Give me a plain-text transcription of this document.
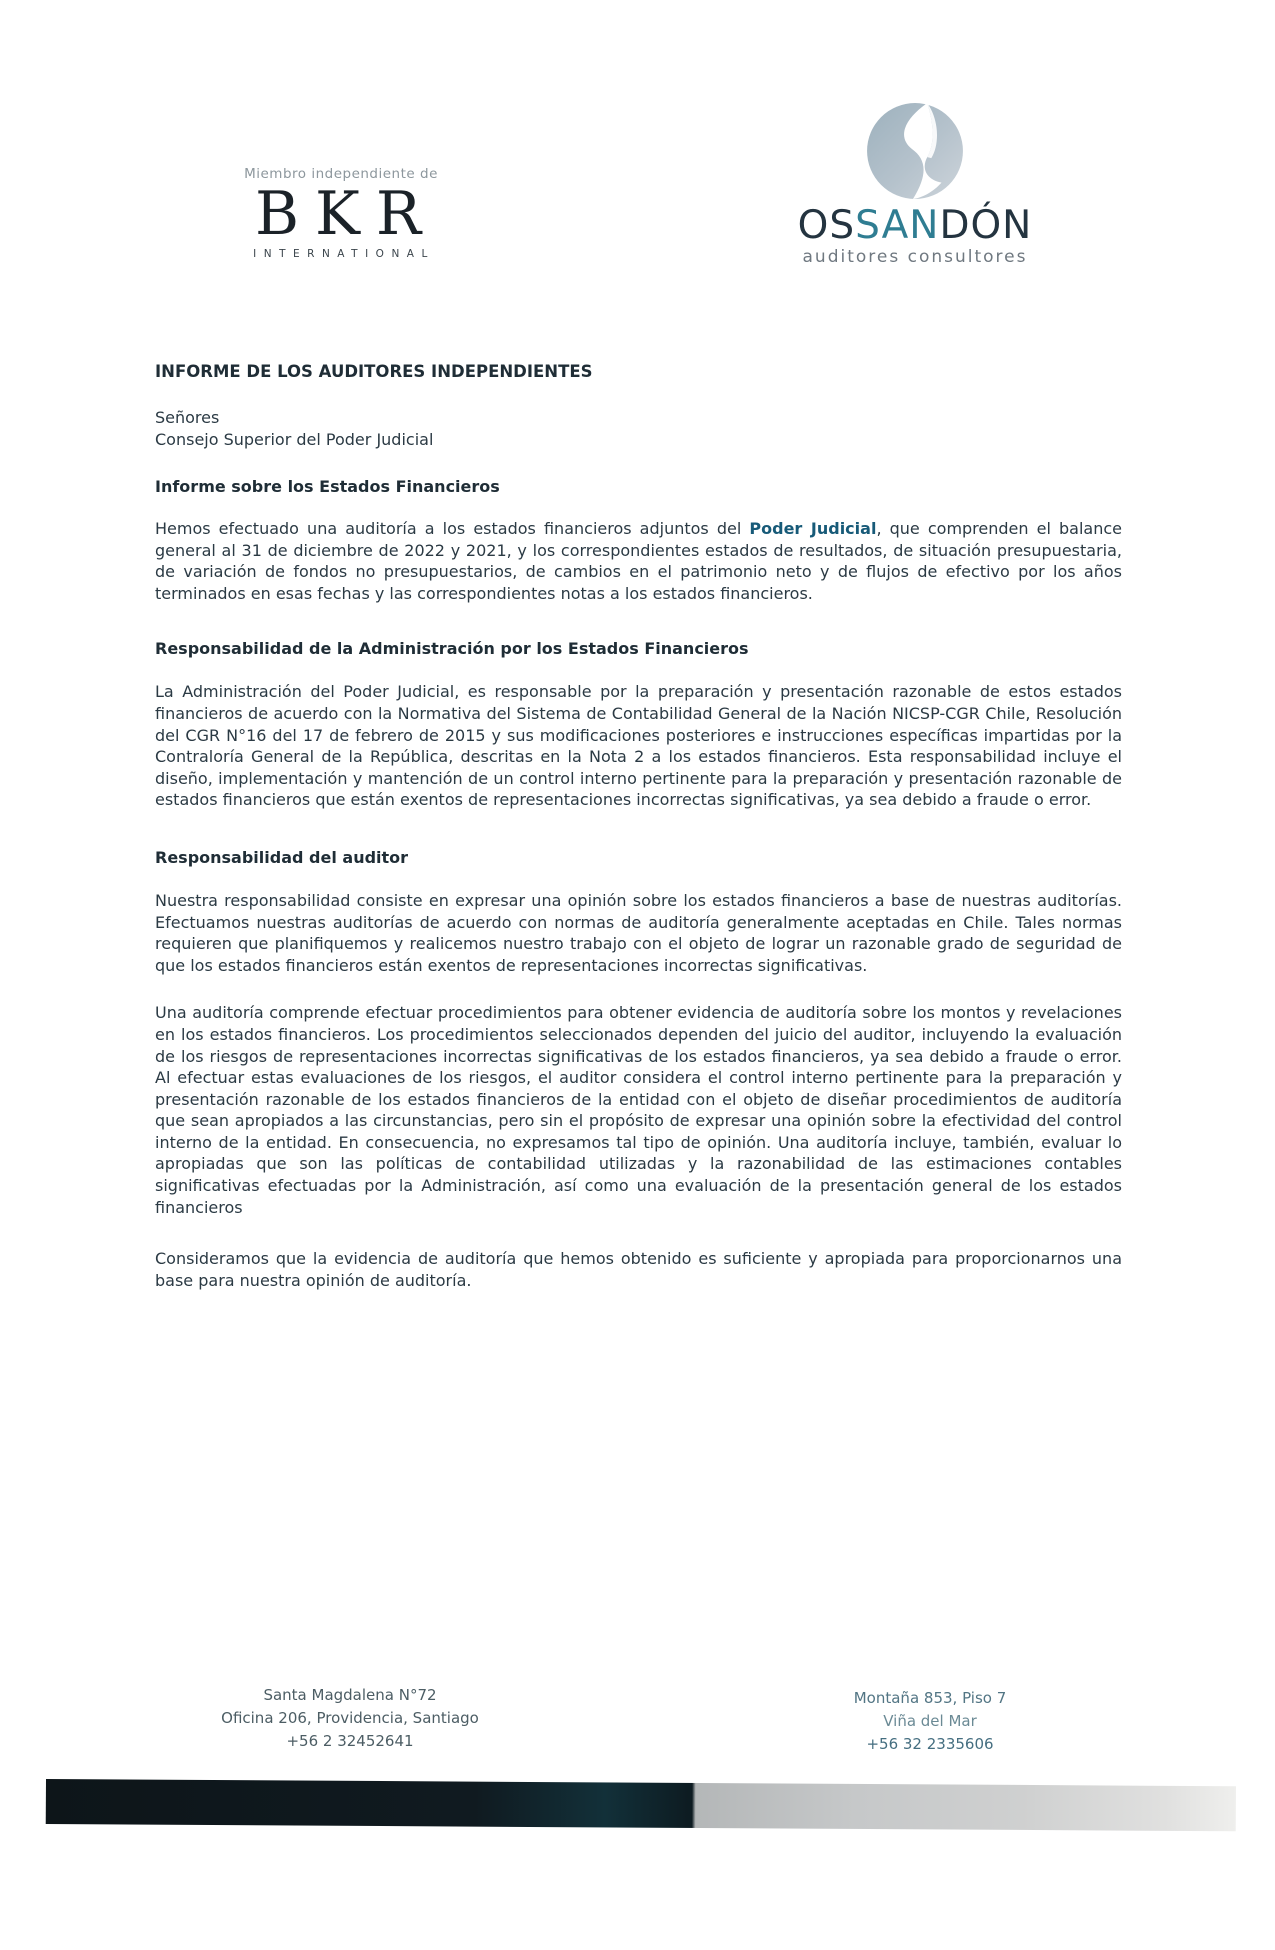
Miembro independiente de
BKR
INTERNATIONAL
OSSANDÓN
auditores consultores
INFORME DE LOS AUDITORES INDEPENDIENTES
Señores
Consejo Superior del Poder Judicial
Informe sobre los Estados Financieros

Hemos efectuado una auditoría a los estados financieros adjuntos del Poder Judicial, que comprenden el balance general al 31 de diciembre de 2022 y 2021, y los correspondientes estados de resultados, de situación presupuestaria, de variación de fondos no presupuestarios, de cambios en el patrimonio neto y de flujos de efectivo por los años terminados en esas fechas y las correspondientes notas a los estados financieros.

Responsabilidad de la Administración por los Estados Financieros

La Administración del Poder Judicial, es responsable por la preparación y presentación razonable de estos estados financieros de acuerdo con la Normativa del Sistema de Contabilidad General de la Nación NICSP-CGR Chile, Resolución del CGR N°16 del 17 de febrero de 2015 y sus modificaciones posteriores e instrucciones específicas impartidas por la Contraloría General de la República, descritas en la Nota 2 a los estados financieros. Esta responsabilidad incluye el diseño, implementación y mantención de un control interno pertinente para la preparación y presentación razonable de estados financieros que están exentos de representaciones incorrectas significativas, ya sea debido a fraude o error.

Responsabilidad del auditor

Nuestra responsabilidad consiste en expresar una opinión sobre los estados financieros a base de nuestras auditorías. Efectuamos nuestras auditorías de acuerdo con normas de auditoría generalmente aceptadas en Chile. Tales normas requieren que planifiquemos y realicemos nuestro trabajo con el objeto de lograr un razonable grado de seguridad de que los estados financieros están exentos de representaciones incorrectas significativas.

Una auditoría comprende efectuar procedimientos para obtener evidencia de auditoría sobre los montos y revelaciones en los estados financieros. Los procedimientos seleccionados dependen del juicio del auditor, incluyendo la evaluación de los riesgos de representaciones incorrectas significativas de los estados financieros, ya sea debido a fraude o error. Al efectuar estas evaluaciones de los riesgos, el auditor considera el control interno pertinente para la preparación y presentación razonable de los estados financieros de la entidad con el objeto de diseñar procedimientos de auditoría que sean apropiados a las circunstancias, pero sin el propósito de expresar una opinión sobre la efectividad del control interno de la entidad. En consecuencia, no expresamos tal tipo de opinión. Una auditoría incluye, también, evaluar lo apropiadas que son las políticas de contabilidad utilizadas y la razonabilidad de las estimaciones contables significativas efectuadas por la Administración, así como una evaluación de la presentación general de los estados financieros

Consideramos que la evidencia de auditoría que hemos obtenido es suficiente y apropiada para proporcionarnos una base para nuestra opinión de auditoría.

Santa Magdalena N°72
Oficina 206, Providencia, Santiago
+56 2 32452641
Montaña 853, Piso 7
Viña del Mar
+56 32 2335606
